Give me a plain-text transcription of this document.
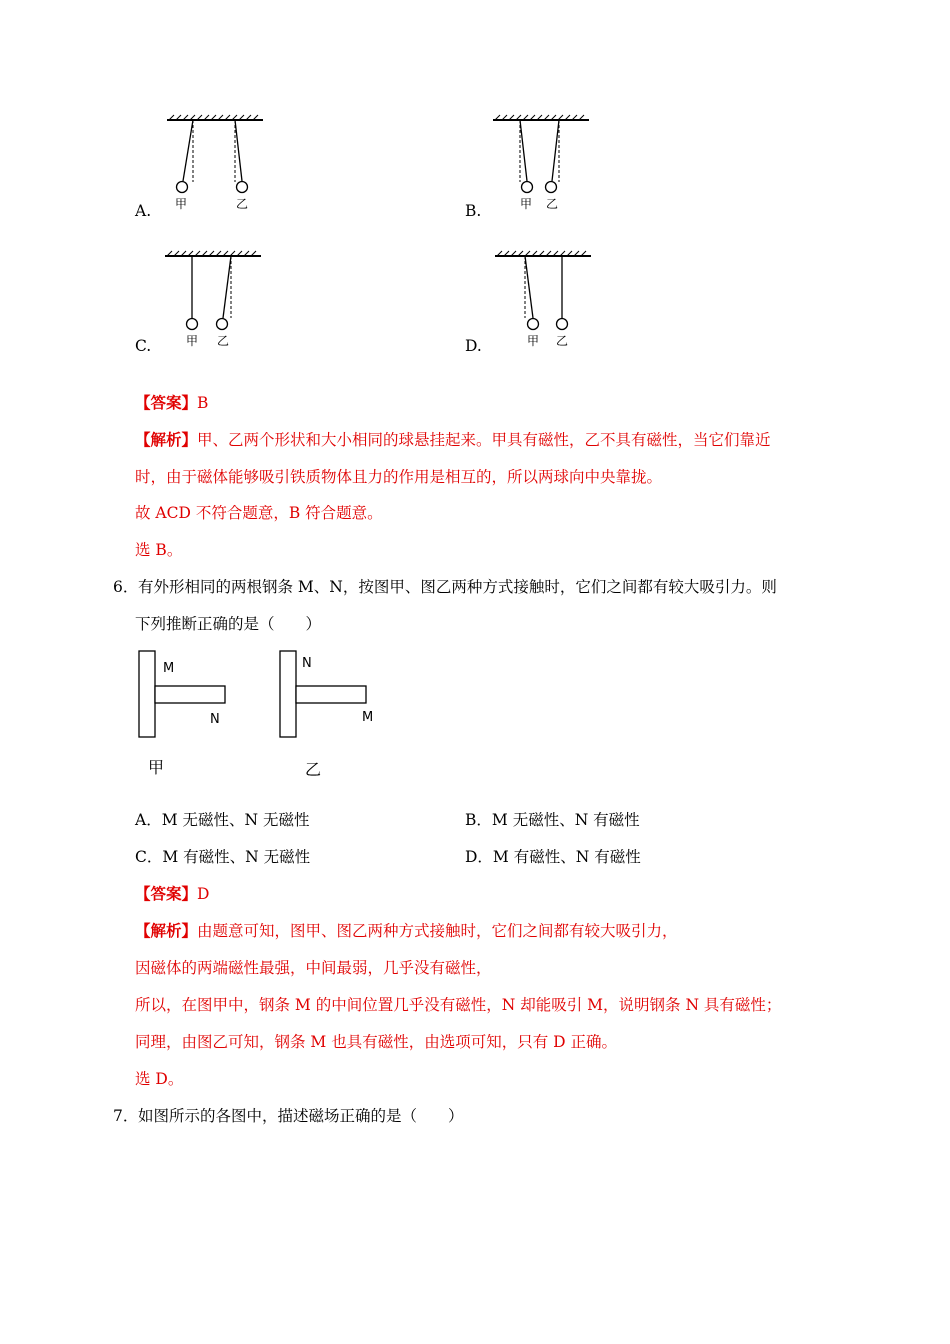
甲	乙
A.	甲 乙
B.
甲 乙
C.	甲 乙
D.
【答案】B
【解析】甲、乙两个形状和大小相同的球悬挂起来。甲具有磁性，乙不具有磁性，当它们靠近
时，由于磁体能够吸引铁质物体且力的作用是相互的，所以两球向中央靠拢。
故 ACD 不符合题意，B 符合题意。
选 B。
6． 有外形相同的两根钢条 M、N，按图甲、图乙两种方式接触时，它们之间都有较大吸引力。则
下列推断正确的是（　　）
M
N
甲
N
M
乙
A．M 无磁性、N 无磁性	B．M 无磁性、N 有磁性
C．M 有磁性、N 无磁性	D．M 有磁性、N 有磁性
【答案】D
【解析】由题意可知，图甲、图乙两种方式接触时，它们之间都有较大吸引力，
因磁体的两端磁性最强，中间最弱，几乎没有磁性，
所以，在图甲中，钢条 M 的中间位置几乎没有磁性，N 却能吸引 M，说明钢条 N 具有磁性；
同理，由图乙可知，钢条 M 也具有磁性，由选项可知，只有 D 正确。
选 D。
7． 如图所示的各图中，描述磁场正确的是（　　）
